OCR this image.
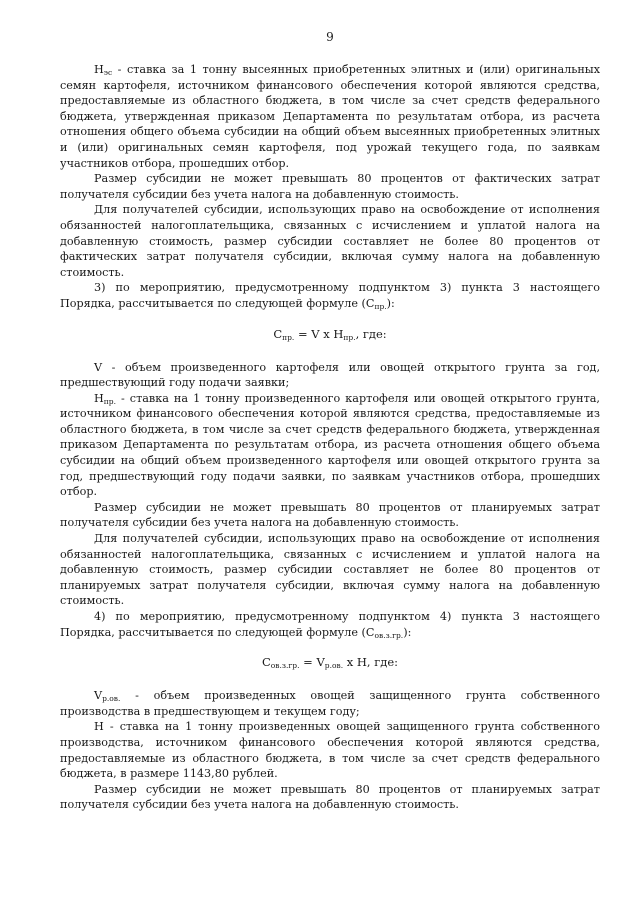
9

$Н_{эс}$ - ставка за 1 тонну высеянных приобретенных элитных и (или) оригинальных семян картофеля, источником финансового обеспечения которой являются средства, предоставляемые из областного бюджета, в том числе за счет средств федерального бюджета, утвержденная приказом Департамента по результатам отбора, из расчета отношения общего объема субсидии на общий объем высеянных приобретенных элитных и (или) оригинальных семян картофеля, под урожай текущего года, по заявкам участников отбора, прошедших отбор.

Размер субсидии не может превышать 80 процентов от фактических затрат получателя субсидии без учета налога на добавленную стоимость.

Для получателей субсидии, использующих право на освобождение от исполнения обязанностей налогоплательщика, связанных с исчислением и уплатой налога на добавленную стоимость, размер субсидии составляет не более 80 процентов от фактических затрат получателя субсидии, включая сумму налога на добавленную стоимость.

3) по мероприятию, предусмотренному подпунктом 3) пункта 3 настоящего Порядка, рассчитывается по следующей формуле $(С_{пр.})$:

$С_{пр.} = V$ х $Н_{пр.}$, где:

V - объем произведенного картофеля или овощей открытого грунта за год, предшествующий году подачи заявки;

$Н_{пр.}$ - ставка на 1 тонну произведенного картофеля или овощей открытого грунта, источником финансового обеспечения которой являются средства, предоставляемые из областного бюджета, в том числе за счет средств федерального бюджета, утвержденная приказом Департамента по результатам отбора, из расчета отношения общего объема субсидии на общий объем произведенного картофеля или овощей открытого грунта за год, предшествующий году подачи заявки, по заявкам участников отбора, прошедших отбор.

Размер субсидии не может превышать 80 процентов от планируемых затрат получателя субсидии без учета налога на добавленную стоимость.

Для получателей субсидии, использующих право на освобождение от исполнения обязанностей налогоплательщика, связанных с исчислением и уплатой налога на добавленную стоимость, размер субсидии составляет не более 80 процентов от планируемых затрат получателя субсидии, включая сумму налога на добавленную стоимость.

4) по мероприятию, предусмотренному подпунктом 4) пункта 3 настоящего Порядка, рассчитывается по следующей формуле $(С_{ов.з.гр.})$:

$С_{ов.з.гр.} = V_{р.ов.}$ х Н, где:

$V_{р.ов.}$ - объем произведенных овощей защищенного грунта собственного производства в предшествующем и текущем году;

Н - ставка на 1 тонну произведенных овощей защищенного грунта собственного производства, источником финансового обеспечения которой являются средства, предоставляемые из областного бюджета, в том числе за счет средств федерального бюджета, в размере 1143,80 рублей.

Размер субсидии не может превышать 80 процентов от планируемых затрат получателя субсидии без учета налога на добавленную стоимость.
